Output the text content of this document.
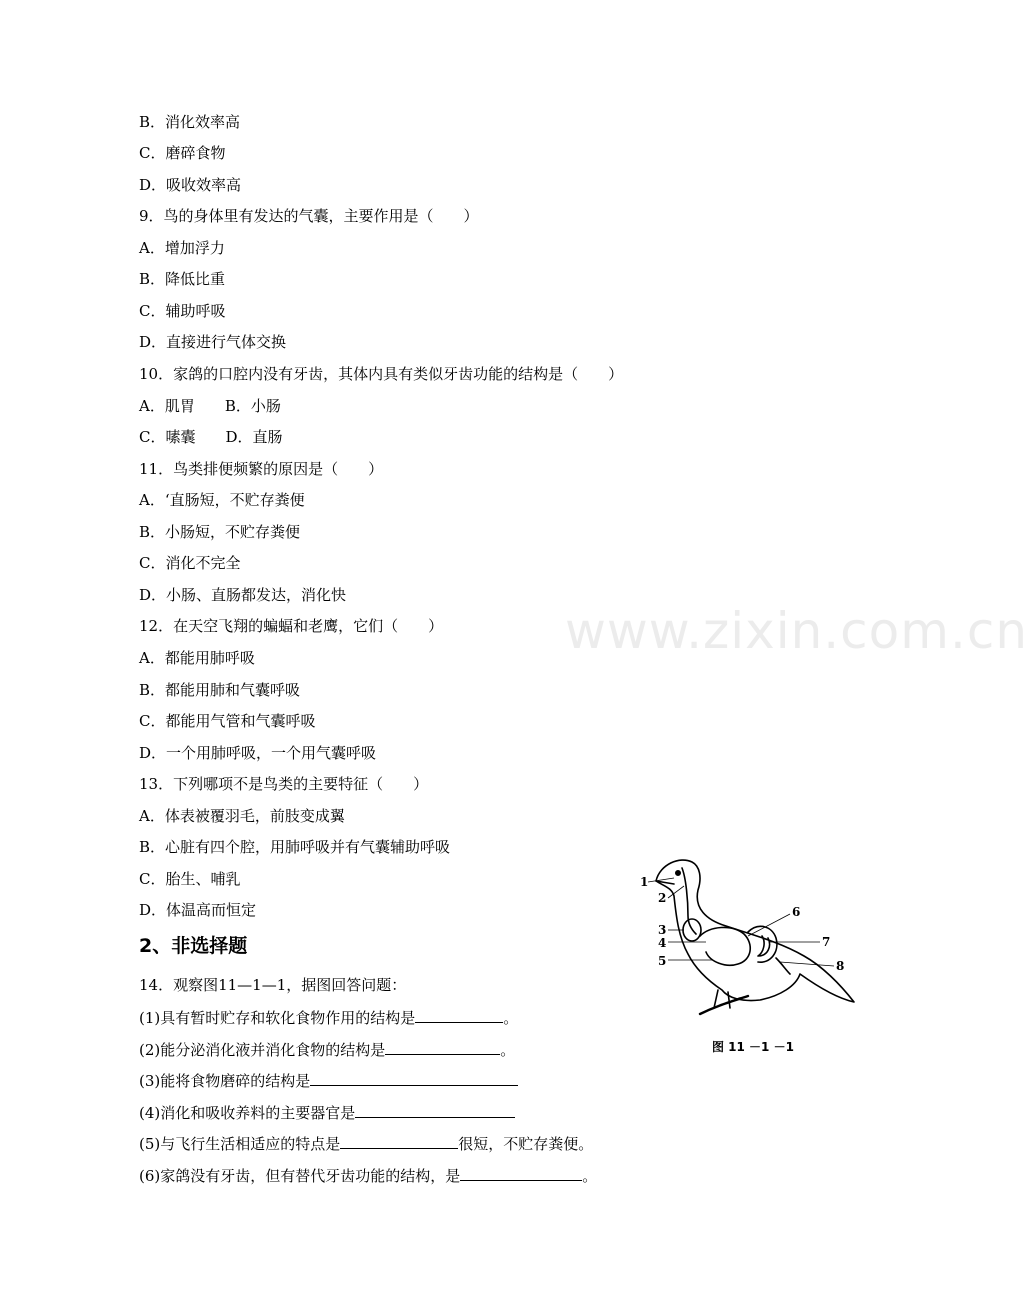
B．消化效率高
C．磨碎食物
D．吸收效率高
9．鸟的身体里有发达的气囊，主要作用是（　　）
A．增加浮力
B．降低比重
C．辅助呼吸
D．直接进行气体交换
10．家鸽的口腔内没有牙齿，其体内具有类似牙齿功能的结构是（　　）
A．肌胃　　B．小肠
C．嗉囊　　D．直肠
11．鸟类排便频繁的原因是（　　）
A．‘直肠短，不贮存粪便
B．小肠短，不贮存粪便
C．消化不完全
D．小肠、直肠都发达，消化快
12．在天空飞翔的蝙蝠和老鹰，它们（　　）
A．都能用肺呼吸
B．都能用肺和气囊呼吸
C．都能用气管和气囊呼吸
D．一个用肺呼吸，一个用气囊呼吸
13．下列哪项不是鸟类的主要特征（　　）
A．体表被覆羽毛，前肢变成翼
B．心脏有四个腔，用肺呼吸并有气囊辅助呼吸
C．胎生、哺乳
D．体温高而恒定
2、非选择题
14．观察图11—1—1，据图回答问题：
(1)具有暂时贮存和软化食物作用的结构是	。
(2)能分泌消化液并消化食物的结构是	。
(3)能将食物磨碎的结构是
(4)消化和吸收养料的主要器官是
(5)与飞行生活相适应的特点是	很短，不贮存粪便。
(6)家鸽没有牙齿，但有替代牙齿功能的结构，是	。
www.zixin.com.cn
1
2
3
4
5
6
7
8
图 11 －1 －1
